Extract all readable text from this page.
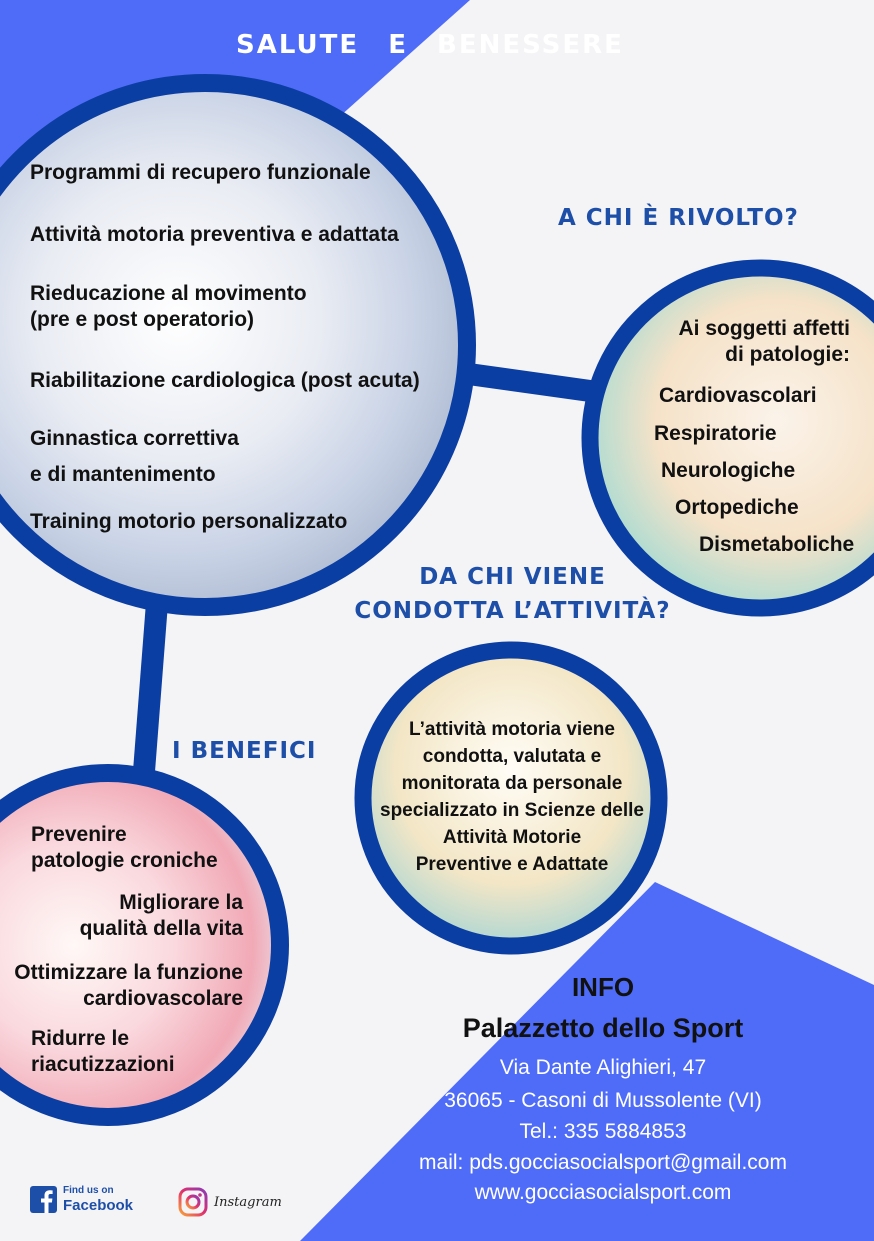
SALUTE E BENESSERE
Programmi di recupero funzionale
Attività motoria preventiva e adattata
Rieducazione al movimento
(pre e post operatorio)
Riabilitazione cardiologica (post acuta)
Ginnastica correttiva
e di mantenimento
Training motorio personalizzato
A CHI È RIVOLTO?
Ai soggetti affetti
di patologie:
Cardiovascolari
Respiratorie
Neurologiche
Ortopediche
Dismetaboliche
DA CHI VIENE
CONDOTTA L’ATTIVITÀ?
L’attività motoria viene
condotta, valutata e
monitorata da personale
specializzato in Scienze delle
Attività Motorie
Preventive e Adattate
I BENEFICI
Prevenire
patologie croniche
Migliorare la
qualità della vita
Ottimizzare la funzione
cardiovascolare
Ridurre le
riacutizzazioni
INFO
Palazzetto dello Sport
Via Dante Alighieri, 47
36065 - Casoni di Mussolente (VI)
Tel.: 335 5884853
mail: pds.gocciasocialsport@gmail.com
www.gocciasocialsport.com
Find us on
Facebook	Instagram
